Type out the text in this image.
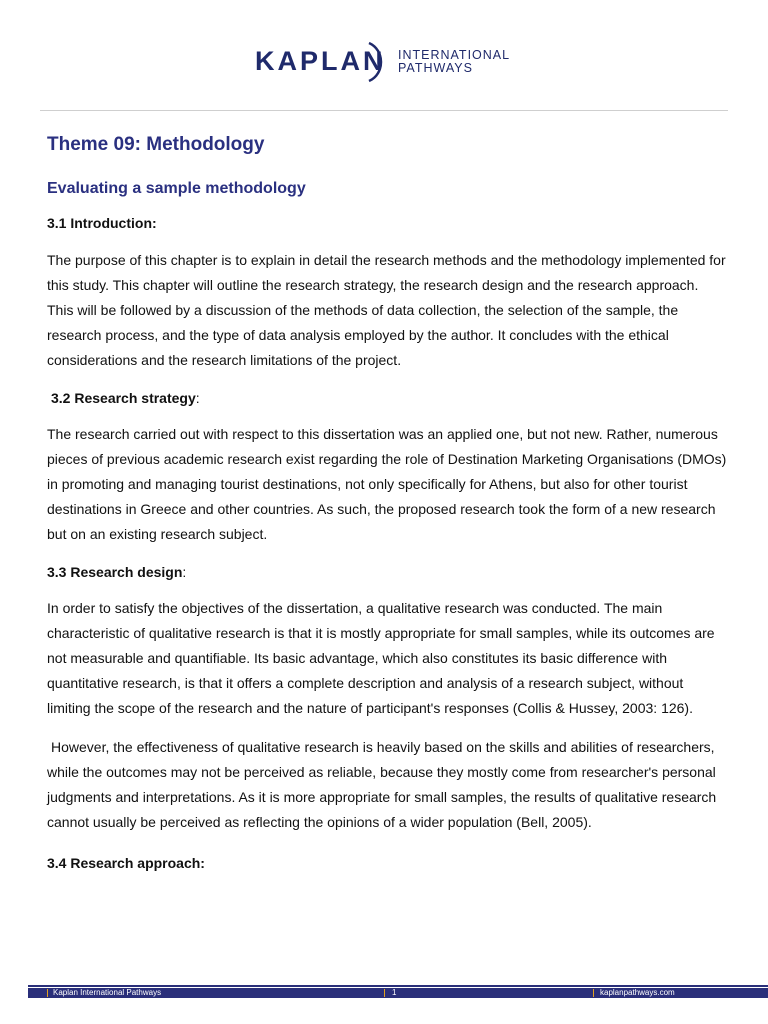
KAPLAN INTERNATIONAL
PATHWAYS
Theme 09: Methodology
Evaluating a sample methodology
3.1 Introduction:

The purpose of this chapter is to explain in detail the research methods and the methodology implemented for this study. This chapter will outline the research strategy, the research design and the research approach. This will be followed by a discussion of the methods of data collection, the selection of the sample, the research process, and the type of data analysis employed by the author. It concludes with the ethical considerations and the research limitations of the project.

3.2 Research strategy:

The research carried out with respect to this dissertation was an applied one, but not new. Rather, numerous pieces of previous academic research exist regarding the role of Destination Marketing Organisations (DMOs) in promoting and managing tourist destinations, not only specifically for Athens, but also for other tourist destinations in Greece and other countries. As such, the proposed research took the form of a new research but on an existing research subject.

3.3 Research design:

In order to satisfy the objectives of the dissertation, a qualitative research was conducted. The main characteristic of qualitative research is that it is mostly appropriate for small samples, while its outcomes are not measurable and quantifiable. Its basic advantage, which also constitutes its basic difference with quantitative research, is that it offers a complete description and analysis of a research subject, without limiting the scope of the research and the nature of participant's responses (Collis & Hussey, 2003: 126).

However, the effectiveness of qualitative research is heavily based on the skills and abilities of researchers, while the outcomes may not be perceived as reliable, because they mostly come from researcher's personal judgments and interpretations. As it is more appropriate for small samples, the results of qualitative research cannot usually be perceived as reflecting the opinions of a wider population (Bell, 2005).

3.4 Research approach:
Kaplan International Pathways	1	kaplanpathways.com
